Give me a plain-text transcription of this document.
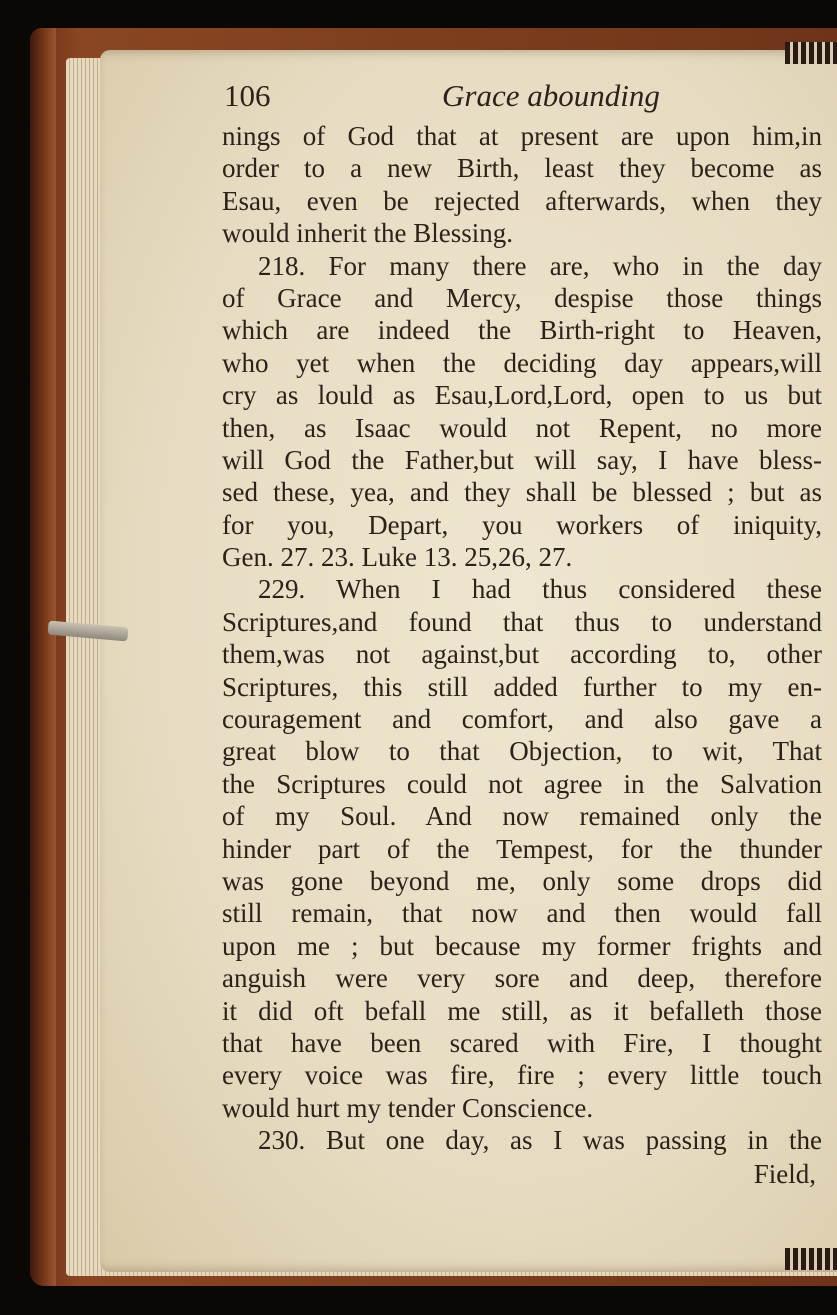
106	Grace abounding
nings of God that at present are upon him,in
order to a new Birth, least they become as
Esau, even be rejected afterwards, when they
would inherit the Blessing.
218. For many there are, who in the day
of Grace and Mercy, despise those things
which are indeed the Birth-right to Heaven,
who yet when the deciding day appears,will
cry as lould as Esau,Lord,Lord, open to us but
then, as Isaac would not Repent, no more
will God the Father,but will say, I have bless-
sed these, yea, and they shall be blessed ; but as
for you, Depart, you workers of iniquity,
Gen. 27. 23. Luke 13. 25,26, 27.
229. When I had thus considered these
Scriptures,and found that thus to understand
them,was not against,but according to, other
Scriptures, this still added further to my en-
couragement and comfort, and also gave a
great blow to that Objection, to wit, That
the Scriptures could not agree in the Salvation
of my Soul. And now remained only the
hinder part of the Tempest, for the thunder
was gone beyond me, only some drops did
still remain, that now and then would fall
upon me ; but because my former frights and
anguish were very sore and deep, therefore
it did oft befall me still, as it befalleth those
that have been scared with Fire, I thought
every voice was fire, fire ; every little touch
would hurt my tender Conscience.
230. But one day, as I was passing in the
Field,
